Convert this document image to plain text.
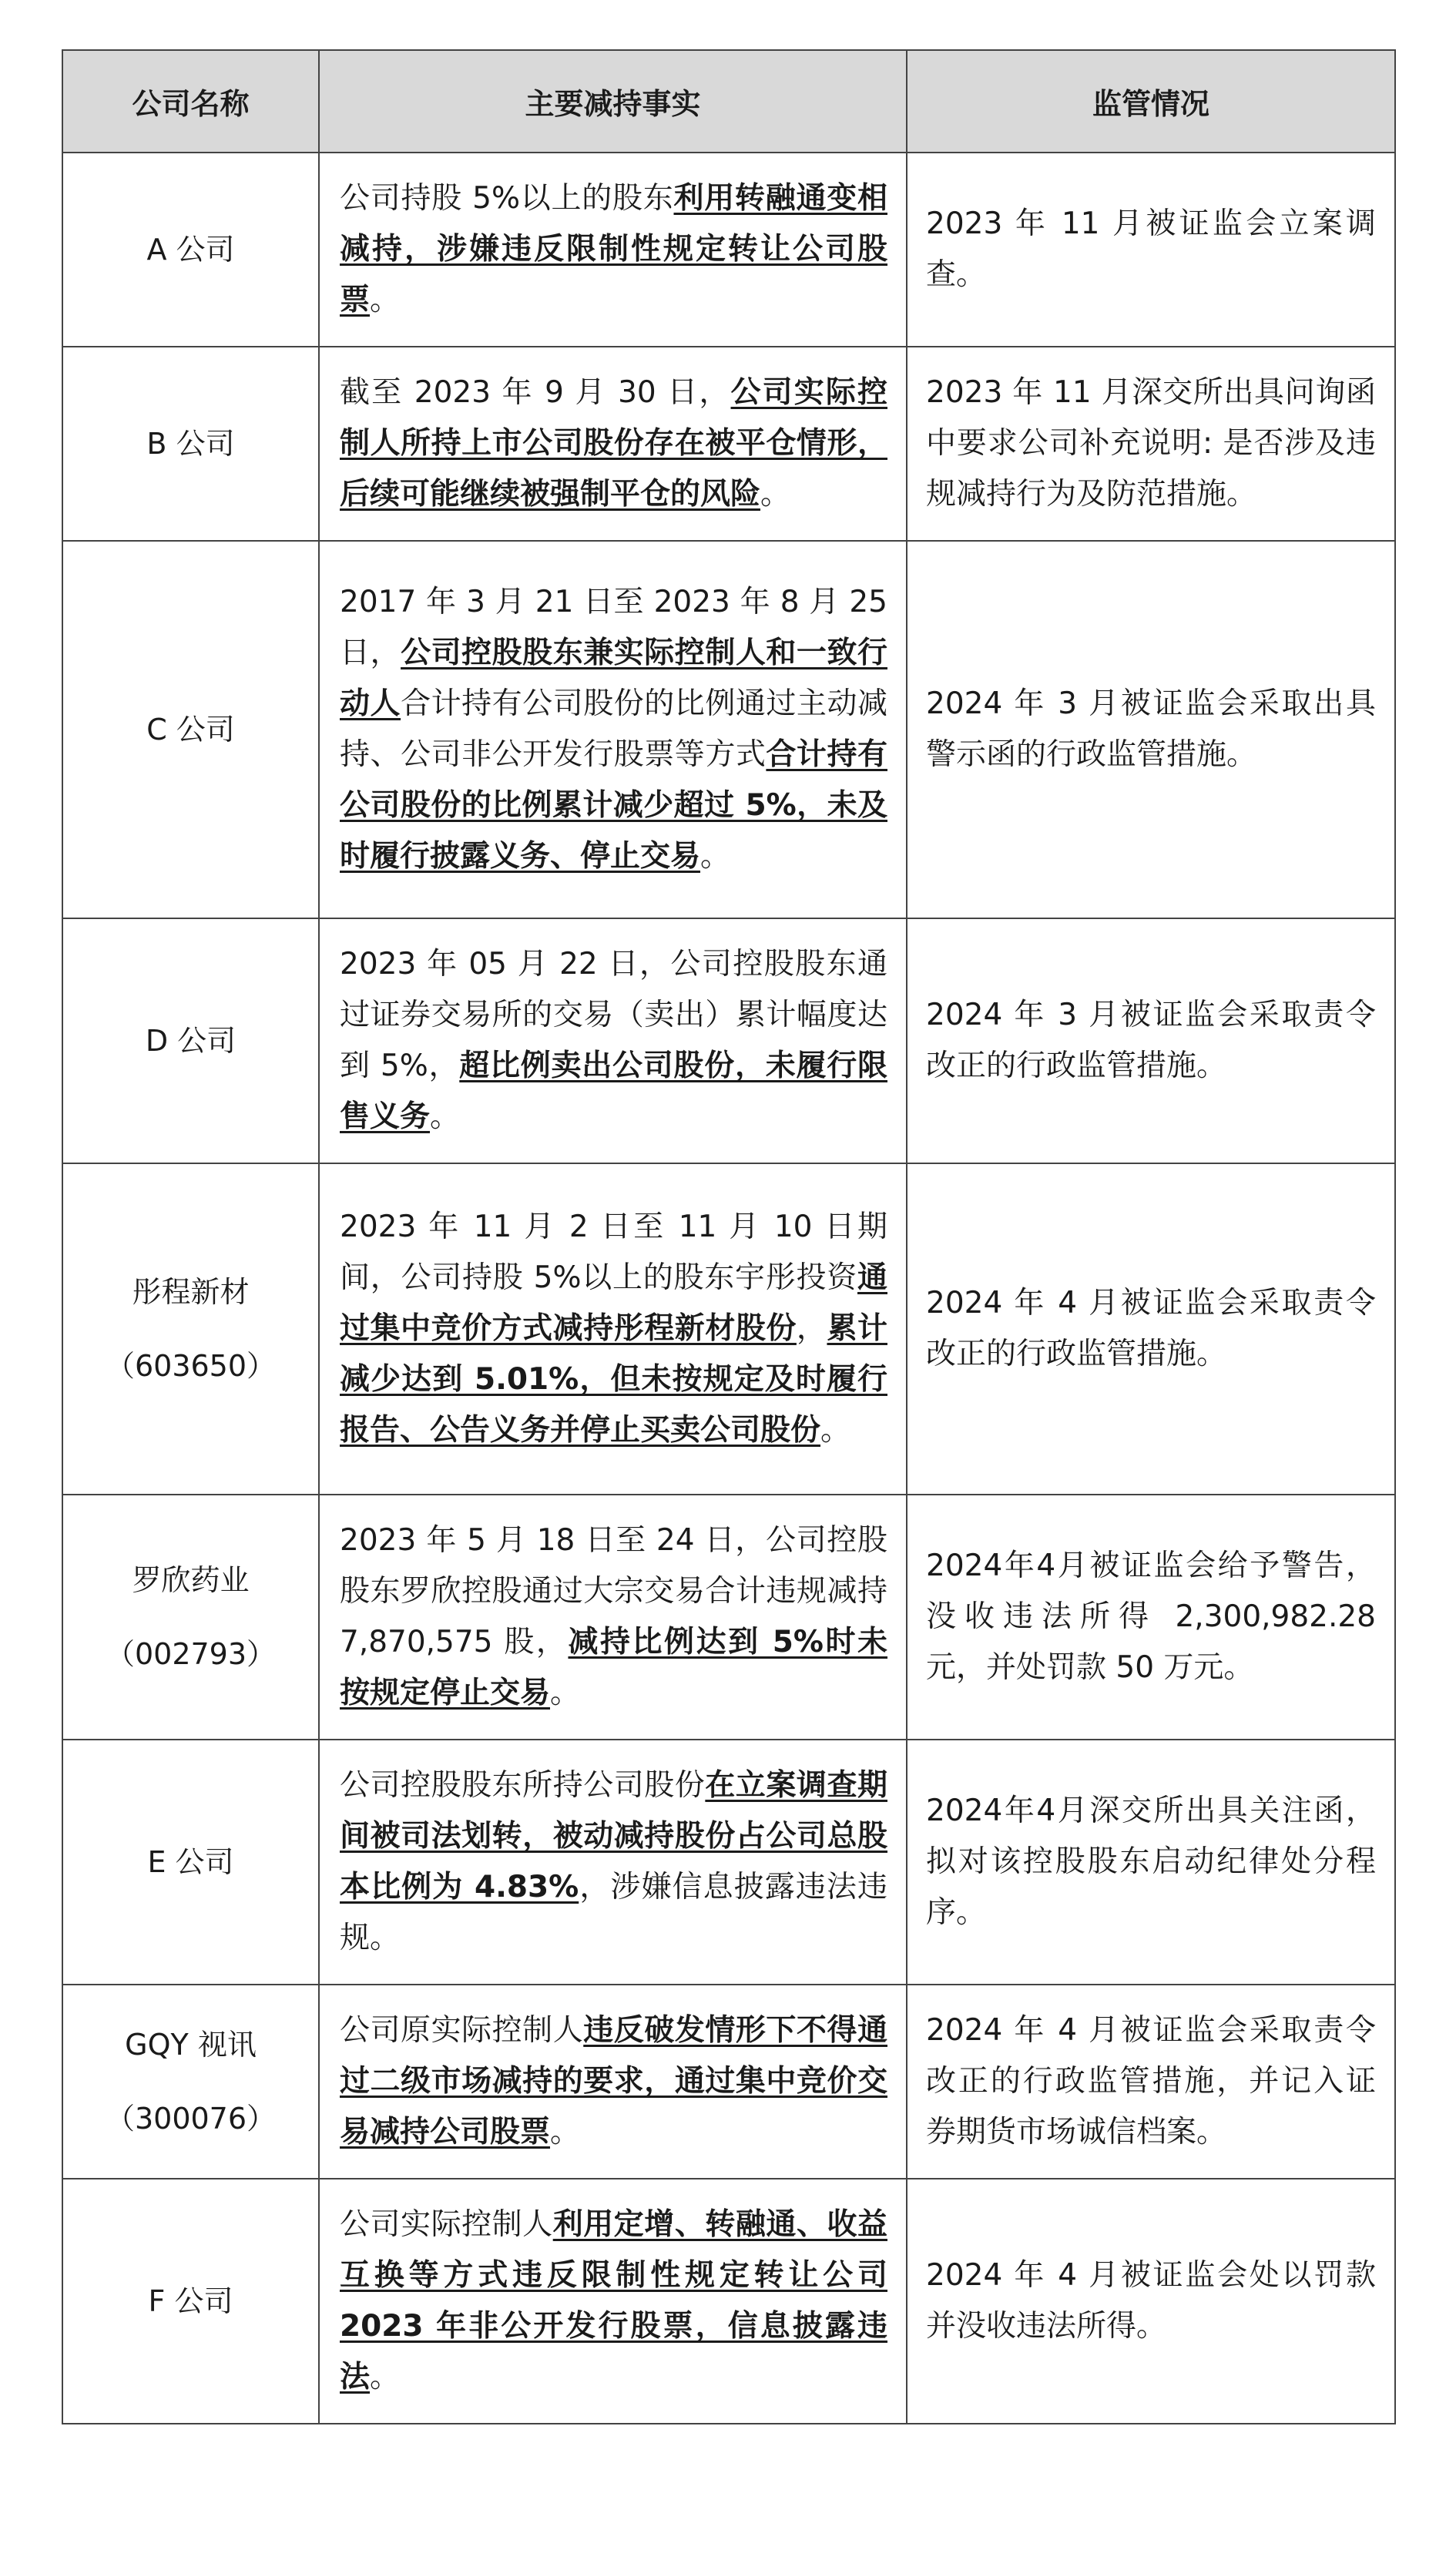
公司名称	主要减持事实	监管情况

A 公司	公司持股 5%以上的股东利用转融通变相减持，涉嫌违反限制性规定转让公司股票。	2023 年 11 月被证监会立案调查。

B 公司	截至 2023 年 9 月 30 日，公司实际控制人所持上市公司股份存在被平仓情形，后续可能继续被强制平仓的风险。	2023 年 11 月深交所出具问询函中要求公司补充说明: 是否涉及违规减持行为及防范措施。

C 公司	2017 年 3 月 21 日至 2023 年 8 月 25 日，公司控股股东兼实际控制人和一致行动人合计持有公司股份的比例通过主动减持、公司非公开发行股票等方式合计持有公司股份的比例累计减少超过 5%，未及时履行披露义务、停止交易。	2024 年 3 月被证监会采取出具警示函的行政监管措施。

D 公司	2023 年 05 月 22 日，公司控股股东通过证券交易所的交易（卖出）累计幅度达到 5%，超比例卖出公司股份，未履行限售义务。	2024 年 3 月被证监会采取责令改正的行政监管措施。

彤程新材
（603650）	2023 年 11 月 2 日至 11 月 10 日期间，公司持股 5%以上的股东宇彤投资通过集中竞价方式减持彤程新材股份，累计减少达到 5.01%，但未按规定及时履行报告、公告义务并停止买卖公司股份。	2024 年 4 月被证监会采取责令改正的行政监管措施。

罗欣药业
（002793）	2023 年 5 月 18 日至 24 日，公司控股股东罗欣控股通过大宗交易合计违规减持 7,870,575 股，减持比例达到 5%时未按规定停止交易。	2024年4月被证监会给予警告，没收违法所得 2,300,982.28 元，并处罚款 50 万元。

E 公司	公司控股股东所持公司股份在立案调查期间被司法划转，被动减持股份占公司总股本比例为 4.83%，涉嫌信息披露违法违规。	2024年4月深交所出具关注函，拟对该控股股东启动纪律处分程序。

GQY 视讯
（300076）	公司原实际控制人违反破发情形下不得通过二级市场减持的要求，通过集中竞价交易减持公司股票。	2024 年 4 月被证监会采取责令改正的行政监管措施，并记入证券期货市场诚信档案。

F 公司	公司实际控制人利用定增、转融通、收益互换等方式违反限制性规定转让公司 2023 年非公开发行股票，信息披露违法。	2024 年 4 月被证监会处以罚款并没收违法所得。
